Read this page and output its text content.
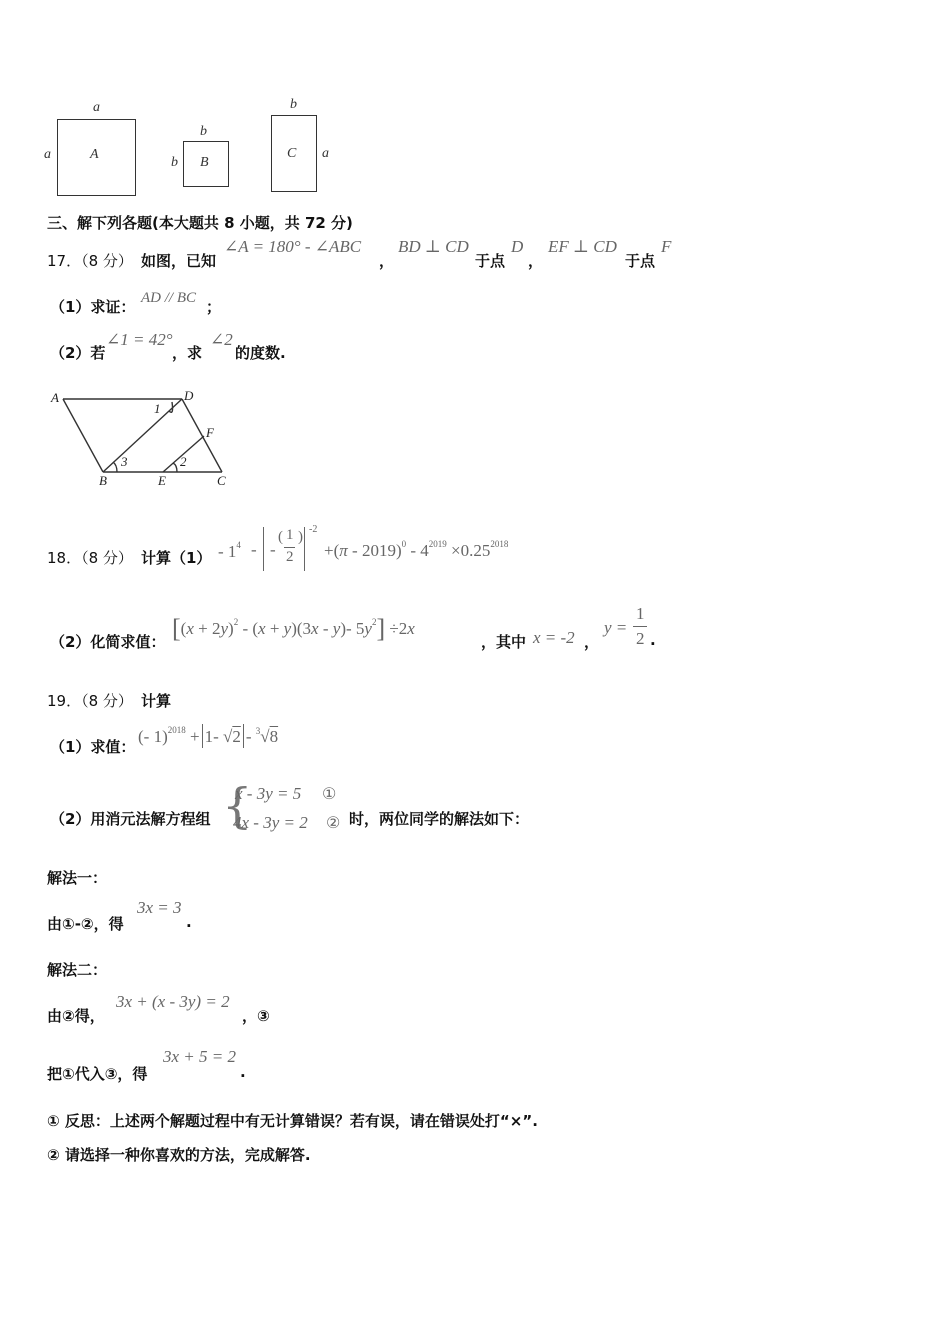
a
a	A
b
b B
b
a
C
三、解下列各题(本大题共 8 小题，共 72 分)
17．（8 分） 如图，已知
∠A = 180° - ∠ABC
，
BD ⊥ CD
于点
D
，
EF ⊥ CD
于点
F
（1）求证： AD // BC ；
（2）若
∠1 = 42°
，求
∠2
的度数.
A	D
F
B	E	C
1
2
3
18．（8 分） 计算$(1) - 1^4$ - -
( 1
2
) -2
$+(\pi - 2019)^0 - 4^{2019} \times 0.25^{2018}$
（2）化简求值： [$(x + 2y)^2 - (x + y)(3x - y)-$ $5y^2] \div 2x$
，其中 x = -2 ，
y =
1
2 .
19．（8 分） 计算
（1）求值：
(- 1)$^{2018}$ + 1- √2 - $^3$√8
（2）用消元法解方程组 {
x - 3y = 5 ①
4x - 3y = 2 ② 时，两位同学的解法如下：
解法一：
由①-②，得
3x = 3
.
解法二：
由②得，
3x + (x - 3y) = 2
，③
把①代入③，得
3x + 5 = 2
.
① 反思：上述两个解题过程中有无计算错误？若有误，请在错误处打“×”.
② 请选择一种你喜欢的方法，完成解答.
